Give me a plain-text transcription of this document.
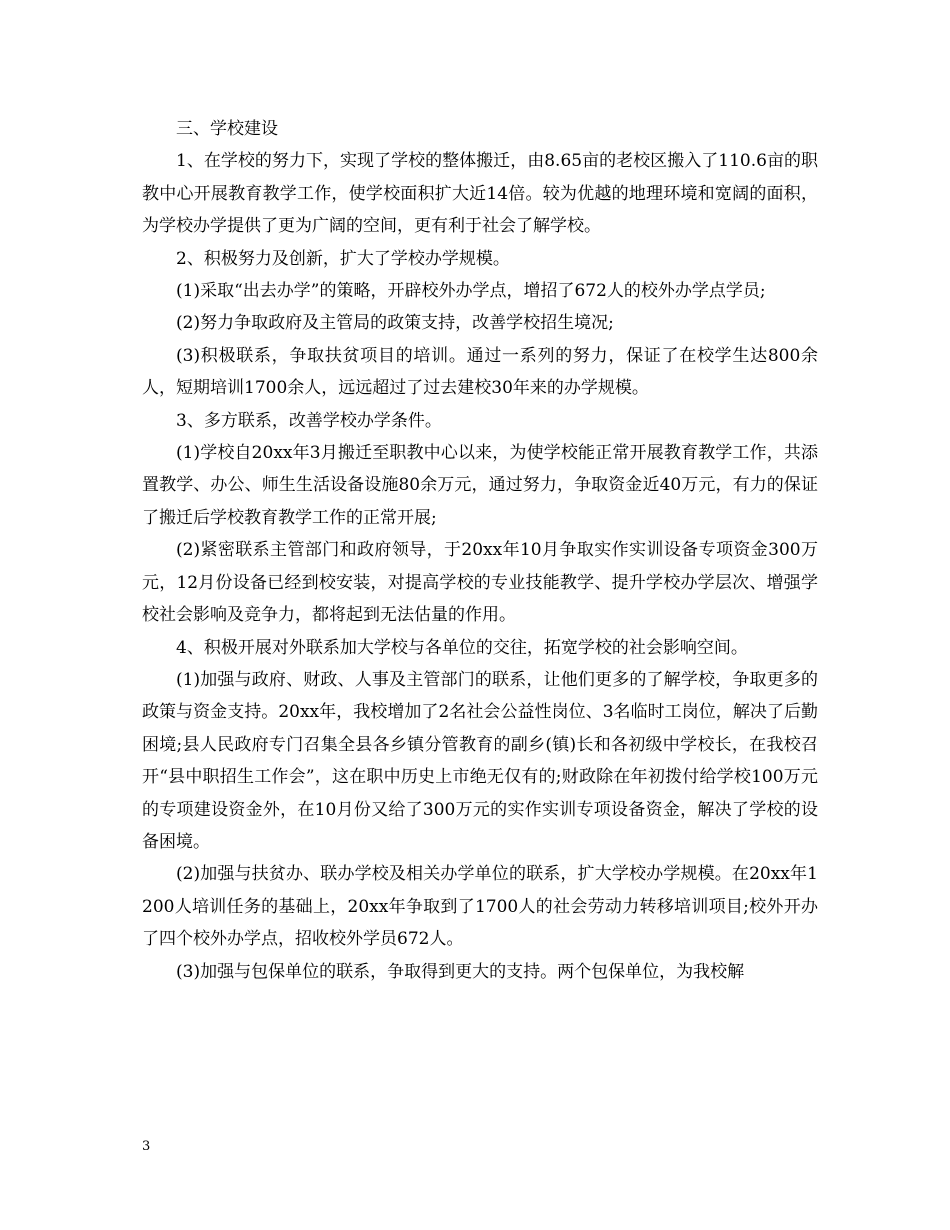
三、学校建设

1、在学校的努力下，实现了学校的整体搬迁，由8.65亩的老校区搬入了110.6亩的职教中心开展教育教学工作，使学校面积扩大近14倍。较为优越的地理环境和宽阔的面积，为学校办学提供了更为广阔的空间，更有利于社会了解学校。

2、积极努力及创新，扩大了学校办学规模。

(1)采取“出去办学”的策略，开辟校外办学点，增招了672人的校外办学点学员;

(2)努力争取政府及主管局的政策支持，改善学校招生境况;

(3)积极联系，争取扶贫项目的培训。通过一系列的努力，保证了在校学生达800余人，短期培训1700余人，远远超过了过去建校30年来的办学规模。

3、多方联系，改善学校办学条件。

(1)学校自20xx年3月搬迁至职教中心以来，为使学校能正常开展教育教学工作，共添置教学、办公、师生生活设备设施80余万元，通过努力，争取资金近40万元，有力的保证了搬迁后学校教育教学工作的正常开展;

(2)紧密联系主管部门和政府领导，于20xx年10月争取实作实训设备专项资金300万元，12月份设备已经到校安装，对提高学校的专业技能教学、提升学校办学层次、增强学校社会影响及竞争力，都将起到无法估量的作用。

4、积极开展对外联系加大学校与各单位的交往，拓宽学校的社会影响空间。

(1)加强与政府、财政、人事及主管部门的联系，让他们更多的了解学校，争取更多的政策与资金支持。20xx年，我校增加了2名社会公益性岗位、3名临时工岗位，解决了后勤困境;县人民政府专门召集全县各乡镇分管教育的副乡(镇)长和各初级中学校长，在我校召开“县中职招生工作会”，这在职中历史上市绝无仅有的;财政除在年初拨付给学校100万元的专项建设资金外，在10月份又给了300万元的实作实训专项设备资金，解决了学校的设备困境。

(2)加强与扶贫办、联办学校及相关办学单位的联系，扩大学校办学规模。在20xx年1200人培训任务的基础上，20xx年争取到了1700人的社会劳动力转移培训项目;校外开办了四个校外办学点，招收校外学员672人。

(3)加强与包保单位的联系，争取得到更大的支持。两个包保单位，为我校解

3
